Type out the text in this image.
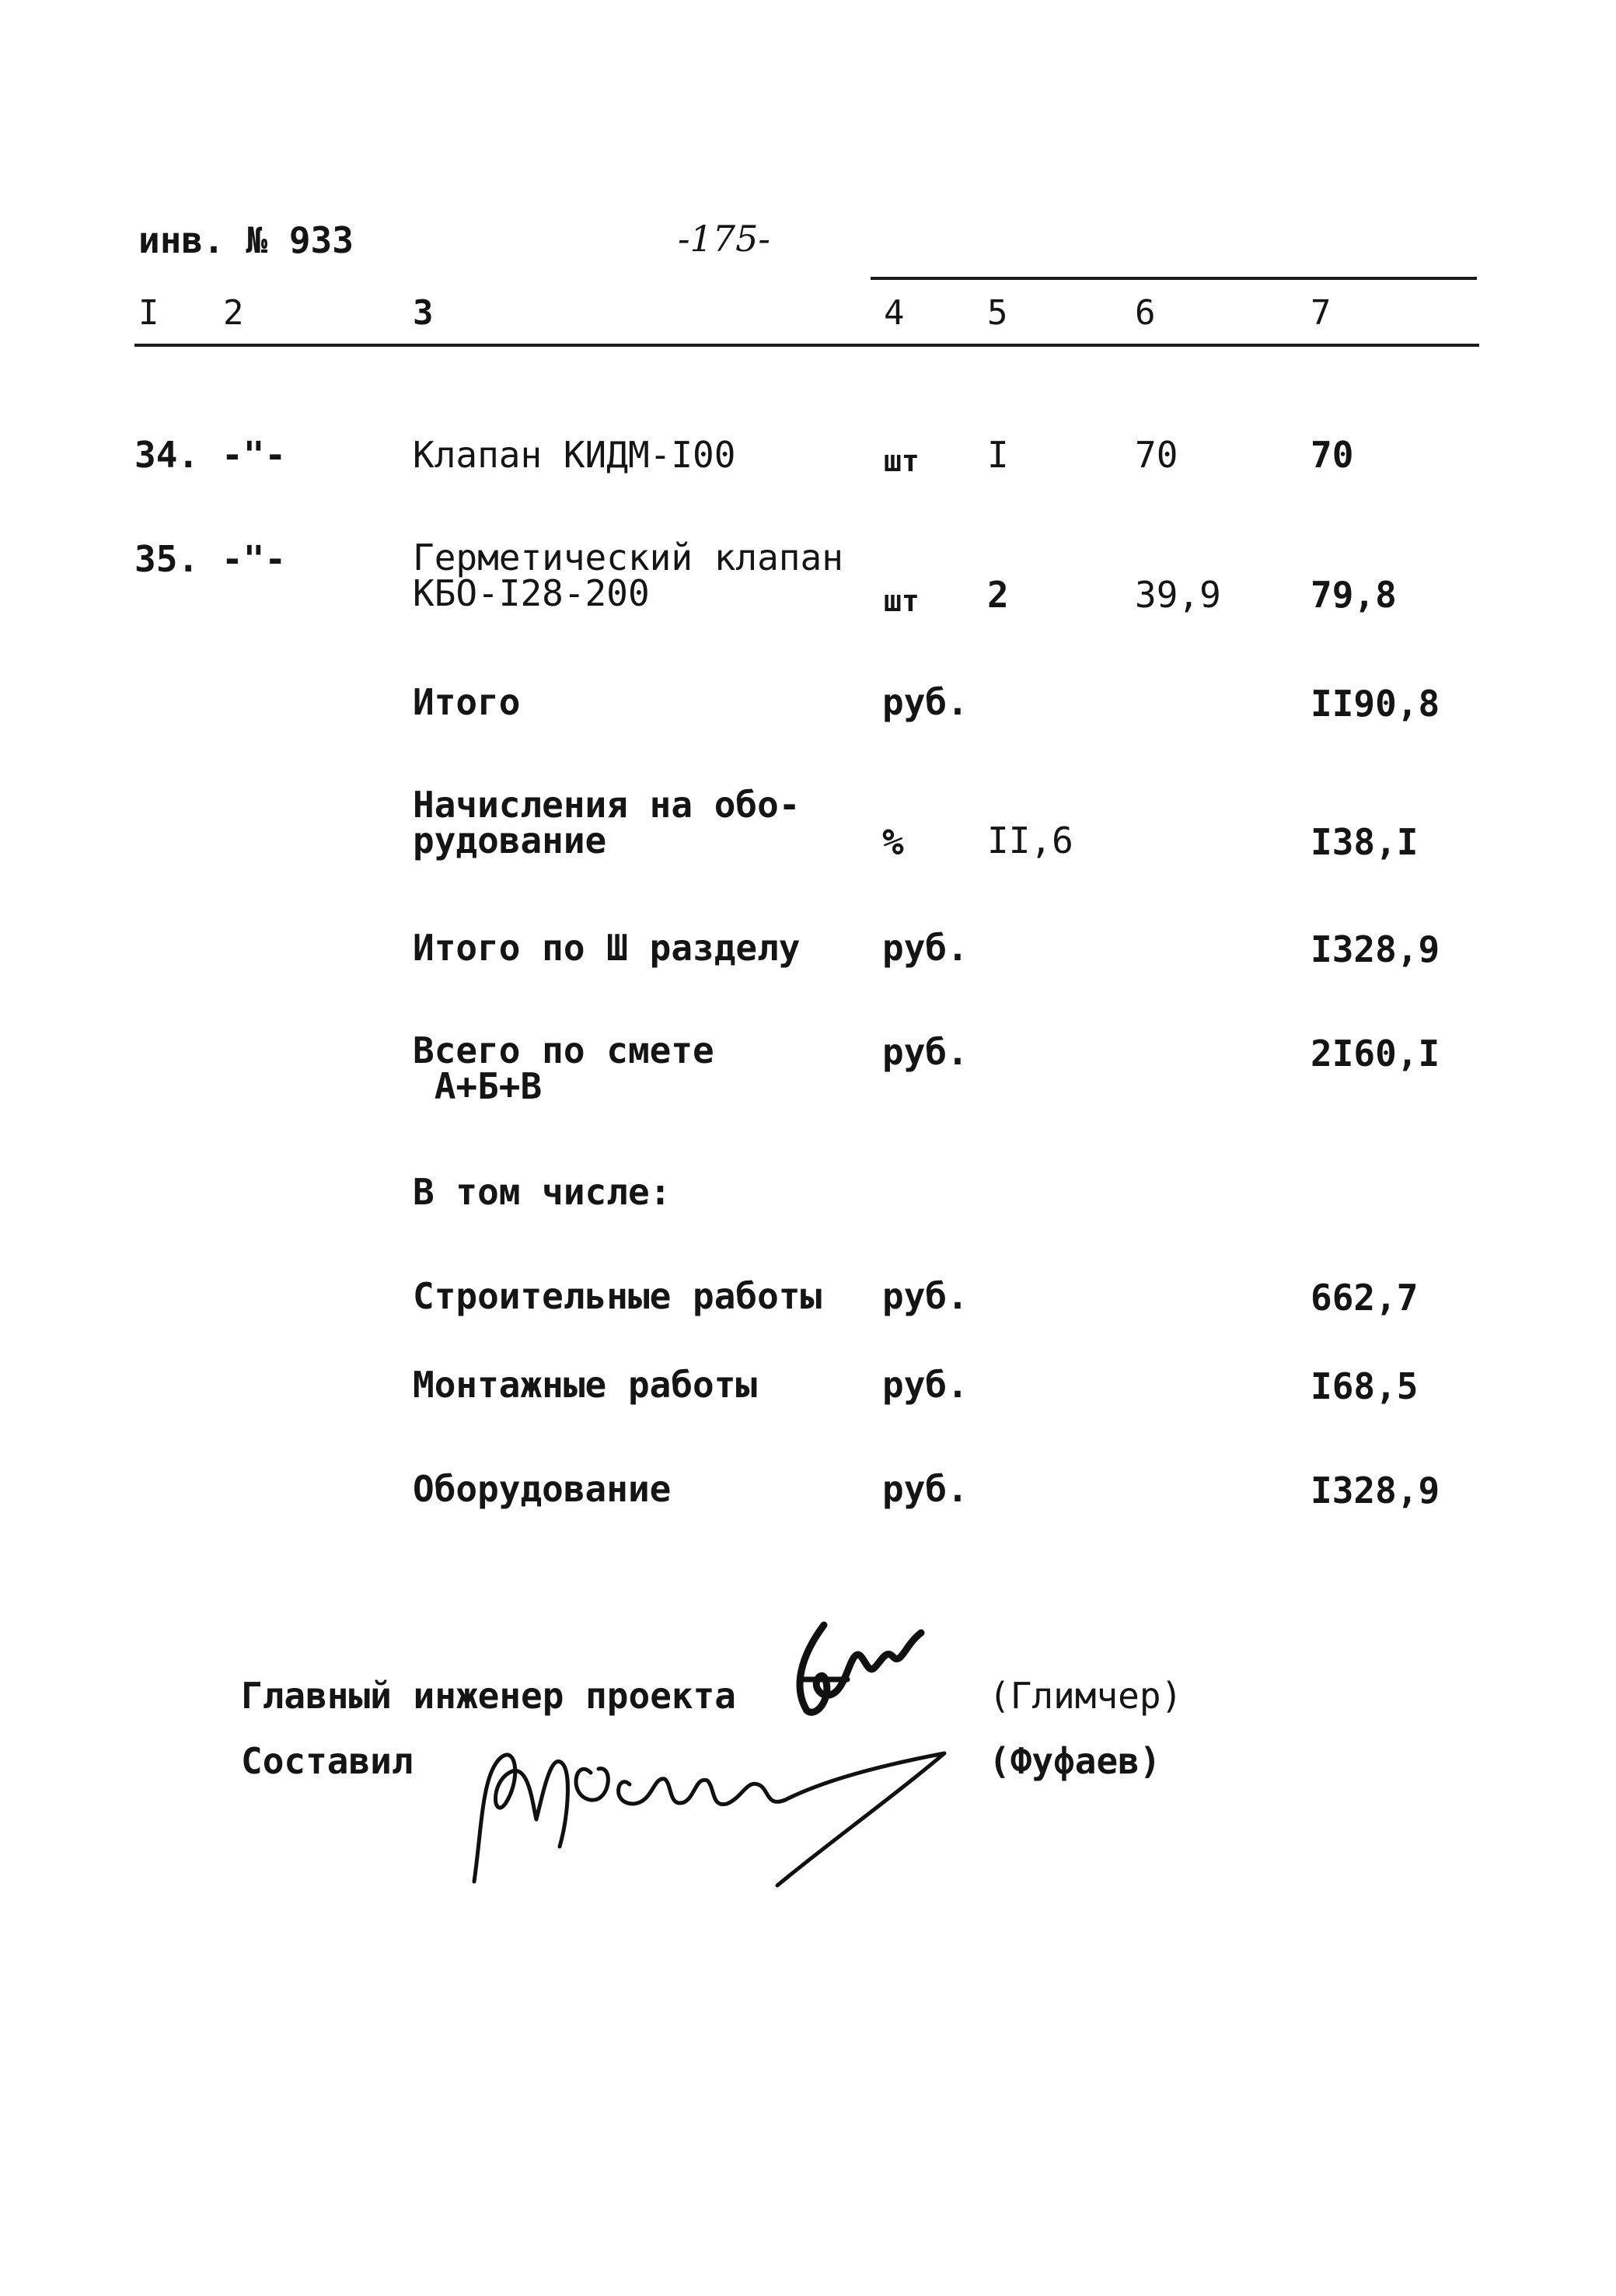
инв. № 933	-175-
I 2	3	4 5	6	7
34. -"-	Клапан КИДМ-I00	шт I	70	70
35. -"-	Герметический клапан
КБО-I28-200	шт 2	39,9	79,8
Итого	руб.	II90,8
Начисления на обо-
рудование	% II,6	I38,I
Итого по Ш разделу руб.	I328,9
Всего по смете
А+Б+В
руб.	2I60,I
В том числе:
Строительные работы руб.	662,7
Монтажные работы	руб.	I68,5
Оборудование	руб.	I328,9
Главный инженер проекта	(Глимчер)
Составил	(Фуфаев)
